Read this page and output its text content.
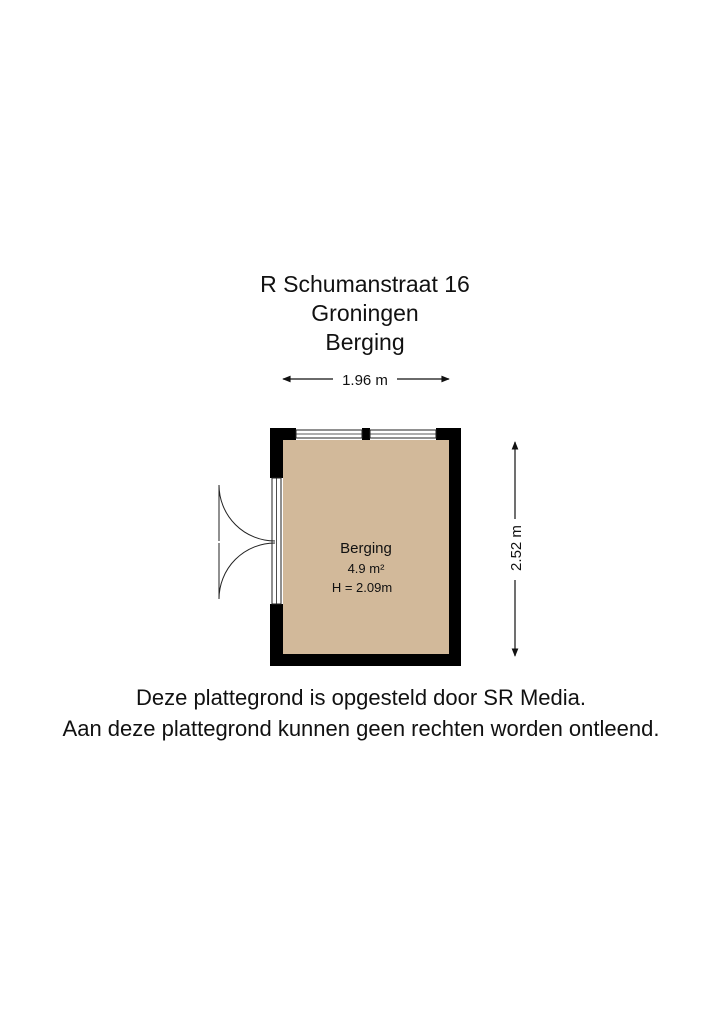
R Schumanstraat 16
Groningen
Berging
1.96 m
2.52 m
Berging
4.9 m²
H = 2.09m
Deze plattegrond is opgesteld door SR Media.
Aan deze plattegrond kunnen geen rechten worden ontleend.
